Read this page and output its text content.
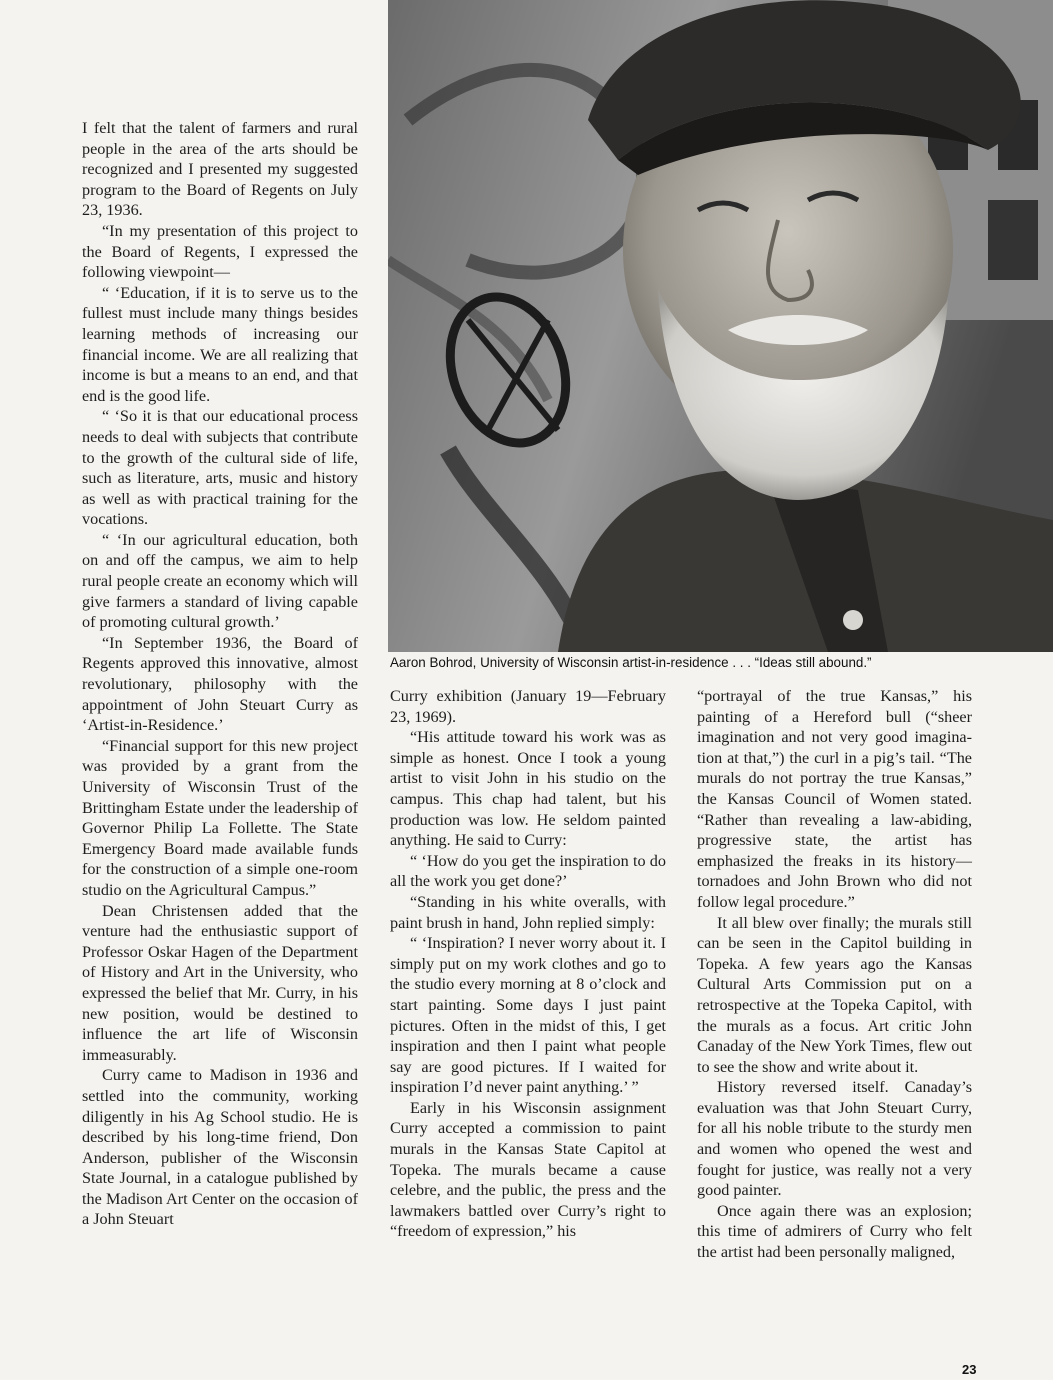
I felt that the talent of farmers and rural people in the area of the arts should be recognized and I presented my suggested program to the Board of Regents on July 23, 1936.

“In my presentation of this project to the Board of Regents, I expressed the following viewpoint—

“ ‘Education, if it is to serve us to the fullest must include many things besides learning methods of increasing our financial income. We are all realizing that income is but a means to an end, and that end is the good life.

“ ‘So it is that our educational process needs to deal with subjects that contribute to the growth of the cultural side of life, such as literature, arts, music and history as well as with practical training for the vocations.

“ ‘In our agricultural education, both on and off the campus, we aim to help rural people create an economy which will give farmers a standard of living capable of promoting cultural growth.’

“In September 1936, the Board of Regents approved this innovative, almost revolutionary, philosophy with the appointment of John Steuart Curry as ‘Artist-in-Residence.’

“Financial support for this new project was provided by a grant from the University of Wisconsin Trust of the Brittingham Estate under the leadership of Governor Philip La Follette. The State Emergency Board made available funds for the construction of a simple one-room studio on the Agricultural Campus.”

Dean Christensen added that the venture had the enthusiastic support of Professor Oskar Hagen of the Department of History and Art in the University, who expressed the belief that Mr. Curry, in his new position, would be destined to influence the art life of Wisconsin immeasurably.

Curry came to Madison in 1936 and settled into the community, working diligently in his Ag School studio. He is described by his long-time friend, Don Anderson, publisher of the Wisconsin State Journal, in a catalogue published by the Madison Art Center on the occasion of a John Steuart

Aaron Bohrod, University of Wisconsin artist-in-residence . . . “Ideas still abound.”

Curry exhibition (January 19—February 23, 1969).

“His attitude toward his work was as simple as honest. Once I took a young artist to visit John in his studio on the campus. This chap had talent, but his production was low. He seldom painted anything. He said to Curry:

“ ‘How do you get the inspiration to do all the work you get done?’

“Standing in his white overalls, with paint brush in hand, John replied simply:

“ ‘Inspiration? I never worry about it. I simply put on my work clothes and go to the studio every morning at 8 o’clock and start painting. Some days I just paint pictures. Often in the midst of this, I get inspiration and then I paint what people say are good pictures. If I waited for inspiration I’d never paint anything.’ ”

Early in his Wisconsin assignment Curry accepted a commission to paint murals in the Kansas State Capitol at Topeka. The murals became a cause celebre, and the public, the press and the lawmakers battled over Curry’s right to “freedom of expression,” his

“portrayal of the true Kansas,” his painting of a Hereford bull (“sheer imagination and not very good imagination at that,”) the curl in a pig’s tail. “The murals do not portray the true Kansas,” the Kansas Council of Women stated. “Rather than revealing a law-abiding, progressive state, the artist has emphasized the freaks in its history—tornadoes and John Brown who did not follow legal procedure.”

It all blew over finally; the murals still can be seen in the Capitol building in Topeka. A few years ago the Kansas Cultural Arts Commission put on a retrospective at the Topeka Capitol, with the murals as a focus. Art critic John Canaday of the New York Times, flew out to see the show and write about it.

History reversed itself. Canaday’s evaluation was that John Steuart Curry, for all his noble tribute to the sturdy men and women who opened the west and fought for justice, was really not a very good painter.

Once again there was an explosion; this time of admirers of Curry who felt the artist had been personally maligned,

23
